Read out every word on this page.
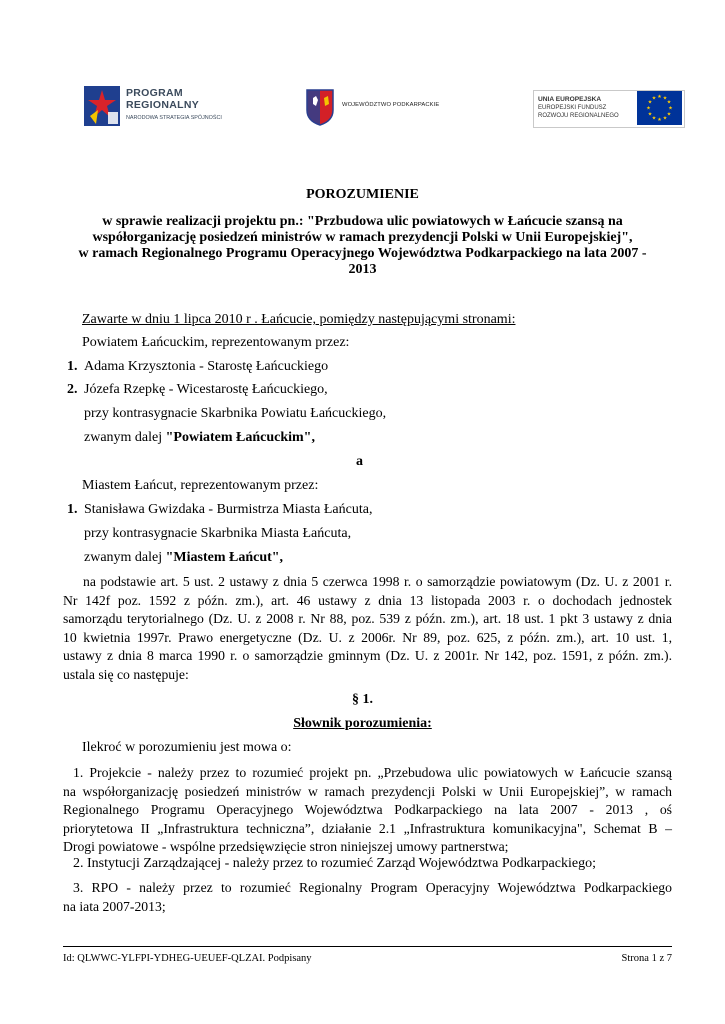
PROGRAM
REGIONALNY
NARODOWA STRATEGIA SPÓJNOŚCI
WOJEWÓDZTWO PODKARPACKIE
UNIA EUROPEJSKA
EUROPEJSKI FUNDUSZ
ROZWOJU REGIONALNEGO
★ ★
★
★
★
★
★
★
★
★
★
★
POROZUMIENIE
w sprawie realizacji projektu pn.: "Przbudowa ulic powiatowych w Łańcucie szansą na
współorganizację posiedzeń ministrów w ramach prezydencji Polski w Unii Europejskiej",
w ramach Regionalnego Programu Operacyjnego Województwa Podkarpackiego na lata 2007 -
2013
Zawarte w dniu 1 lipca 2010 r . Łańcucie, pomiędzy następującymi stronami:
Powiatem Łańcuckim, reprezentowanym przez:
1. Adama Krzysztonia - Starostę Łańcuckiego
2. Józefa Rzepkę - Wicestarostę Łańcuckiego,
przy kontrasygnacie Skarbnika Powiatu Łańcuckiego,
zwanym dalej "Powiatem Łańcuckim",
a
Miastem Łańcut, reprezentowanym przez:
1. Stanisława Gwizdaka - Burmistrza Miasta Łańcuta,
przy kontrasygnacie Skarbnika Miasta Łańcuta,
zwanym dalej "Miastem Łańcut",
na podstawie art. 5 ust. 2 ustawy z dnia 5 czerwca 1998 r. o samorządzie powiatowym (Dz. U. z 2001 r.
Nr 142f poz. 1592 z późn. zm.), art. 46 ustawy z dnia 13 listopada 2003 r. o dochodach jednostek
samorządu terytorialnego (Dz. U. z 2008 r. Nr 88, poz. 539 z późn. zm.), art. 18 ust. 1 pkt 3 ustawy z dnia
10 kwietnia 1997r. Prawo energetyczne (Dz. U. z 2006r. Nr 89, poz. 625, z późn. zm.), art. 10 ust. 1,
ustawy z dnia 8 marca 1990 r. o samorządzie gminnym (Dz. U. z 2001r. Nr 142, poz. 1591, z późn. zm.).
ustala się co następuje:
§ 1.
Słownik porozumienia:
Ilekroć w porozumieniu jest mowa o:
1. Projekcie - należy przez to rozumieć projekt pn. „Przebudowa ulic powiatowych w Łańcucie szansą
na współorganizację posiedzeń ministrów w ramach prezydencji Polski w Unii Europejskiej”, w ramach
Regionalnego Programu Operacyjnego Województwa Podkarpackiego na lata 2007 - 2013 , oś
priorytetowa II „Infrastruktura techniczna”, działanie 2.1 „Infrastruktura komunikacyjna", Schemat B –
Drogi powiatowe - wspólne przedsięwzięcie stron niniejszej umowy partnerstwa;
2. Instytucji Zarządzającej - należy przez to rozumieć Zarząd Województwa Podkarpackiego;
3. RPO - należy przez to rozumieć Regionalny Program Operacyjny Województwa Podkarpackiego
na iata 2007-2013;
Id: QLWWC-YLFPI-YDHEG-UEUEF-QLZAI. Podpisany	Strona 1 z 7
